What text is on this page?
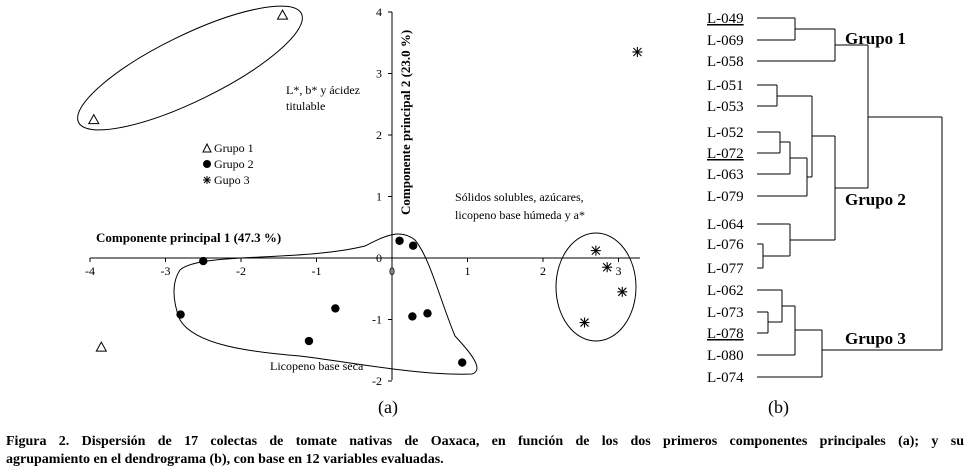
-4	-3	-2	-1	0	1	2	3
4
3
2
1
0
-1
-2
Componente principal 1 (47.3 %)
Componente principal 2 (23.0 %)
L*, b* y ácidez
titulable
Sólidos solubles, azúcares,
licopeno base húmeda y a*
Licopeno base seca
Grupo 1
Grupo 2
Gupo 3
(a)
L-049
L-069
L-058
L-051
L-053
L-052
L-072
L-063
L-079
L-064
L-076
L-077
L-062
L-073
L-078
L-080
L-074
Grupo 1
Grupo 2
Grupo 3
(b)
Figura 2. Dispersión de 17 colectas de tomate nativas de Oaxaca, en función de los dos primeros componentes principales (a); y su
agrupamiento en el dendrograma (b), con base en 12 variables evaluadas.
